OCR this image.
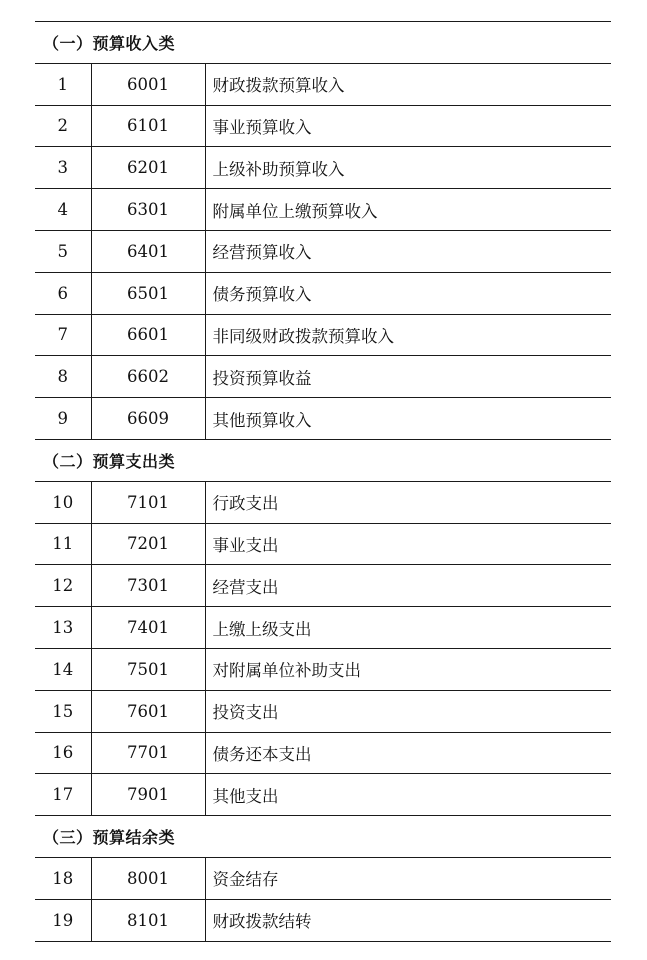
（一）预算收入类		
1	6001	财政拨款预算收入
2	6101	事业预算收入
3	6201	上级补助预算收入
4	6301	附属单位上缴预算收入
5	6401	经营预算收入
6	6501	债务预算收入
7	6601	非同级财政拨款预算收入
8	6602	投资预算收益
9	6609	其他预算收入
（二）预算支出类		
10	7101	行政支出
11	7201	事业支出
12	7301	经营支出
13	7401	上缴上级支出
14	7501	对附属单位补助支出
15	7601	投资支出
16	7701	债务还本支出
17	7901	其他支出
（三）预算结余类		
18	8001	资金结存
19	8101	财政拨款结转
